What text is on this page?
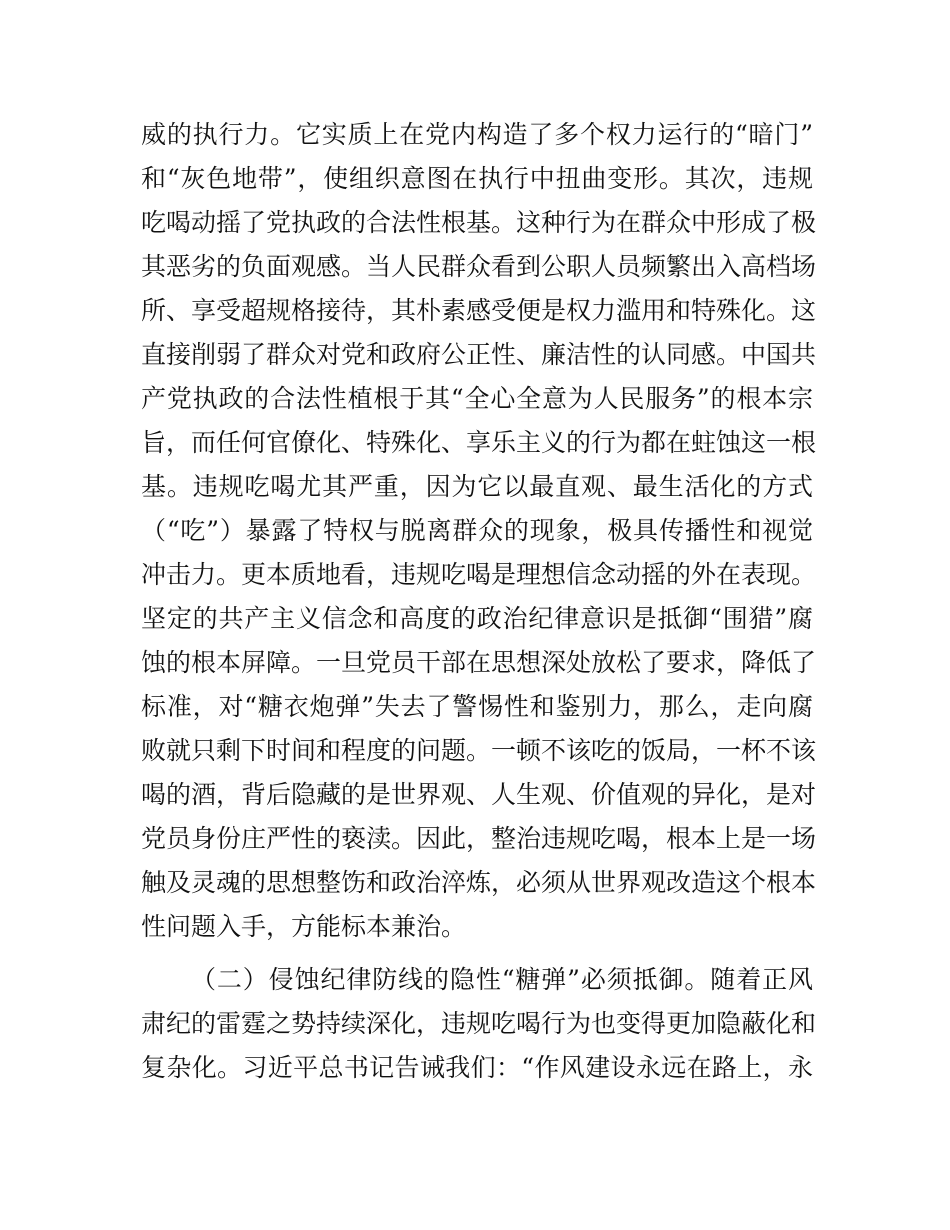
威的执行力。它实质上在党内构造了多个权力运行的“暗门”
和“灰色地带”，使组织意图在执行中扭曲变形。其次，违规
吃喝动摇了党执政的合法性根基。这种行为在群众中形成了极
其恶劣的负面观感。当人民群众看到公职人员频繁出入高档场
所、享受超规格接待，其朴素感受便是权力滥用和特殊化。这
直接削弱了群众对党和政府公正性、廉洁性的认同感。中国共
产党执政的合法性植根于其“全心全意为人民服务”的根本宗
旨，而任何官僚化、特殊化、享乐主义的行为都在蛀蚀这一根
基。违规吃喝尤其严重，因为它以最直观、最生活化的方式
（“吃”）暴露了特权与脱离群众的现象，极具传播性和视觉
冲击力。更本质地看，违规吃喝是理想信念动摇的外在表现。
坚定的共产主义信念和高度的政治纪律意识是抵御“围猎”腐
蚀的根本屏障。一旦党员干部在思想深处放松了要求，降低了
标准，对“糖衣炮弹”失去了警惕性和鉴别力，那么，走向腐
败就只剩下时间和程度的问题。一顿不该吃的饭局，一杯不该
喝的酒，背后隐藏的是世界观、人生观、价值观的异化，是对
党员身份庄严性的亵渎。因此，整治违规吃喝，根本上是一场
触及灵魂的思想整饬和政治淬炼，必须从世界观改造这个根本
性问题入手，方能标本兼治。
（二）侵蚀纪律防线的隐性“糖弹”必须抵御。随着正风
肃纪的雷霆之势持续深化，违规吃喝行为也变得更加隐蔽化和
复杂化。习近平总书记告诫我们：“作风建设永远在路上，永
